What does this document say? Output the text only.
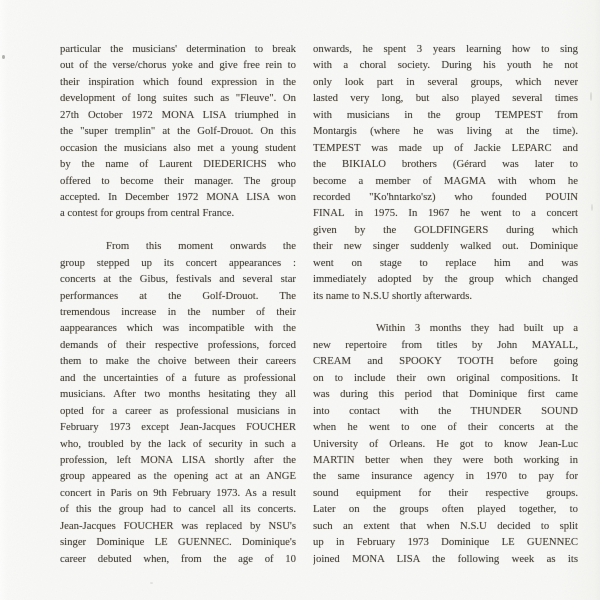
particular the musicians' determination to break
out of the verse/chorus yoke and give free rein to
their inspiration which found expression in the
development of long suites such as "Fleuve". On
27th October 1972 MONA LISA triumphed in
the "super tremplin" at the Golf-Drouot. On this
occasion the musicians also met a young student
by the name of Laurent DIEDERICHS who
offered to become their manager. The group
accepted. In December 1972 MONA LISA won
a contest for groups from central France.
From this moment onwards the
group stepped up its concert appearances :
concerts at the Gibus, festivals and several star
performances at the Golf-Drouot. The
tremendous increase in the number of their
aappearances which was incompatible with the
demands of their respective professions, forced
them to make the choive between their careers
and the uncertainties of a future as professional
musicians. After two months hesitating they all
opted for a career as professional musicians in
February 1973 except Jean-Jacques FOUCHER
who, troubled by the lack of security in such a
profession, left MONA LISA shortly after the
group appeared as the opening act at an ANGE
concert in Paris on 9th February 1973. As a result
of this the group had to cancel all its concerts.
Jean-Jacques FOUCHER was replaced by NSU's
singer Dominique LE GUENNEC. Dominique's
career debuted when, from the age of 10
onwards, he spent 3 years learning how to sing
with a choral society. During his youth he not
only look part in several groups, which never
lasted very long, but also played several times
with musicians in the group TEMPEST from
Montargis (where he was living at the time).
TEMPEST was made up of Jackie LEPARC and
the BIKIALO brothers (Gérard was later to
become a member of MAGMA with whom he
recorded "Ko'hntarko'sz) who founded POUIN
FINAL in 1975. In 1967 he went to a concert
given by the GOLDFINGERS during which
their new singer suddenly walked out. Dominique
went on stage to replace him and was
immediately adopted by the group which changed
its name to N.S.U shortly afterwards.
Within 3 months they had built up a
new repertoire from titles by John MAYALL,
CREAM and SPOOKY TOOTH before going
on to include their own original compositions. It
was during this period that Dominique first came
into contact with the THUNDER SOUND
when he went to one of their concerts at the
University of Orleans. He got to know Jean-Luc
MARTIN better when they were both working in
the same insurance agency in 1970 to pay for
sound equipment for their respective groups.
Later on the groups often played together, to
such an extent that when N.S.U decided to split
up in February 1973 Dominique LE GUENNEC
joined MONA LISA the following week as its
